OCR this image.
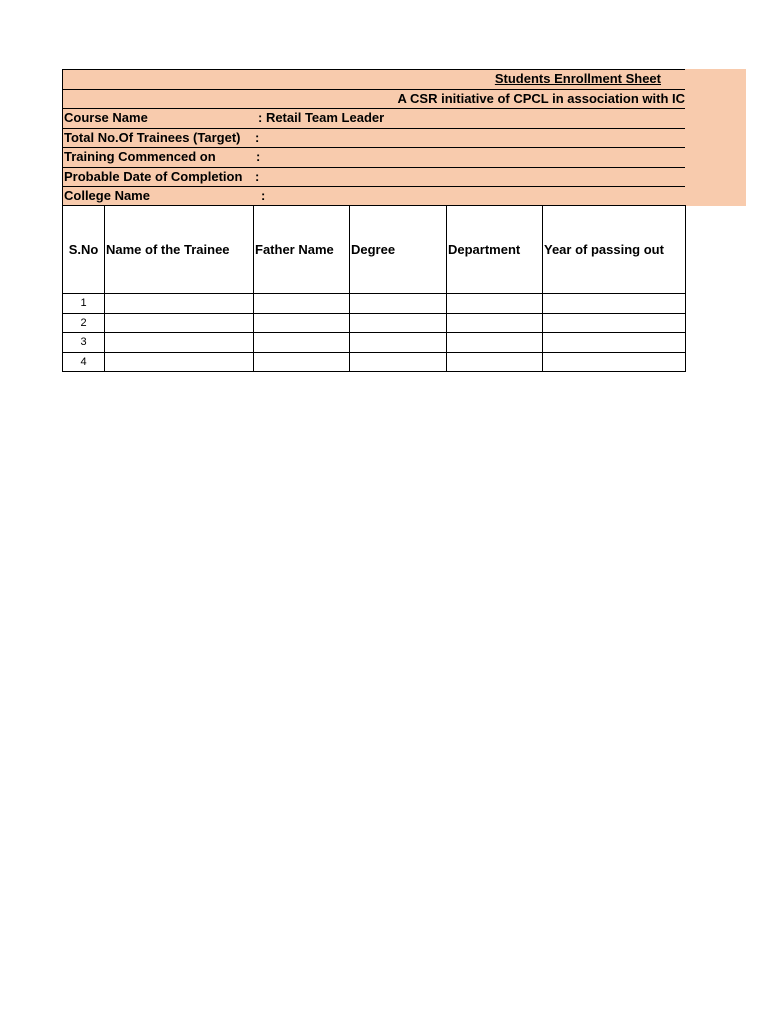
Students Enrollment Sheet
A CSR initiative of CPCL in association with IC
Course Name	: Retail Team Leader
Total No.Of Trainees (Target) :
Training Commenced on	:
Probable Date of Completion :
College Name	:
S.No	Name of the Trainee	Father Name	Degree	Department	Year of passing out
1					
2					
3					
4					
